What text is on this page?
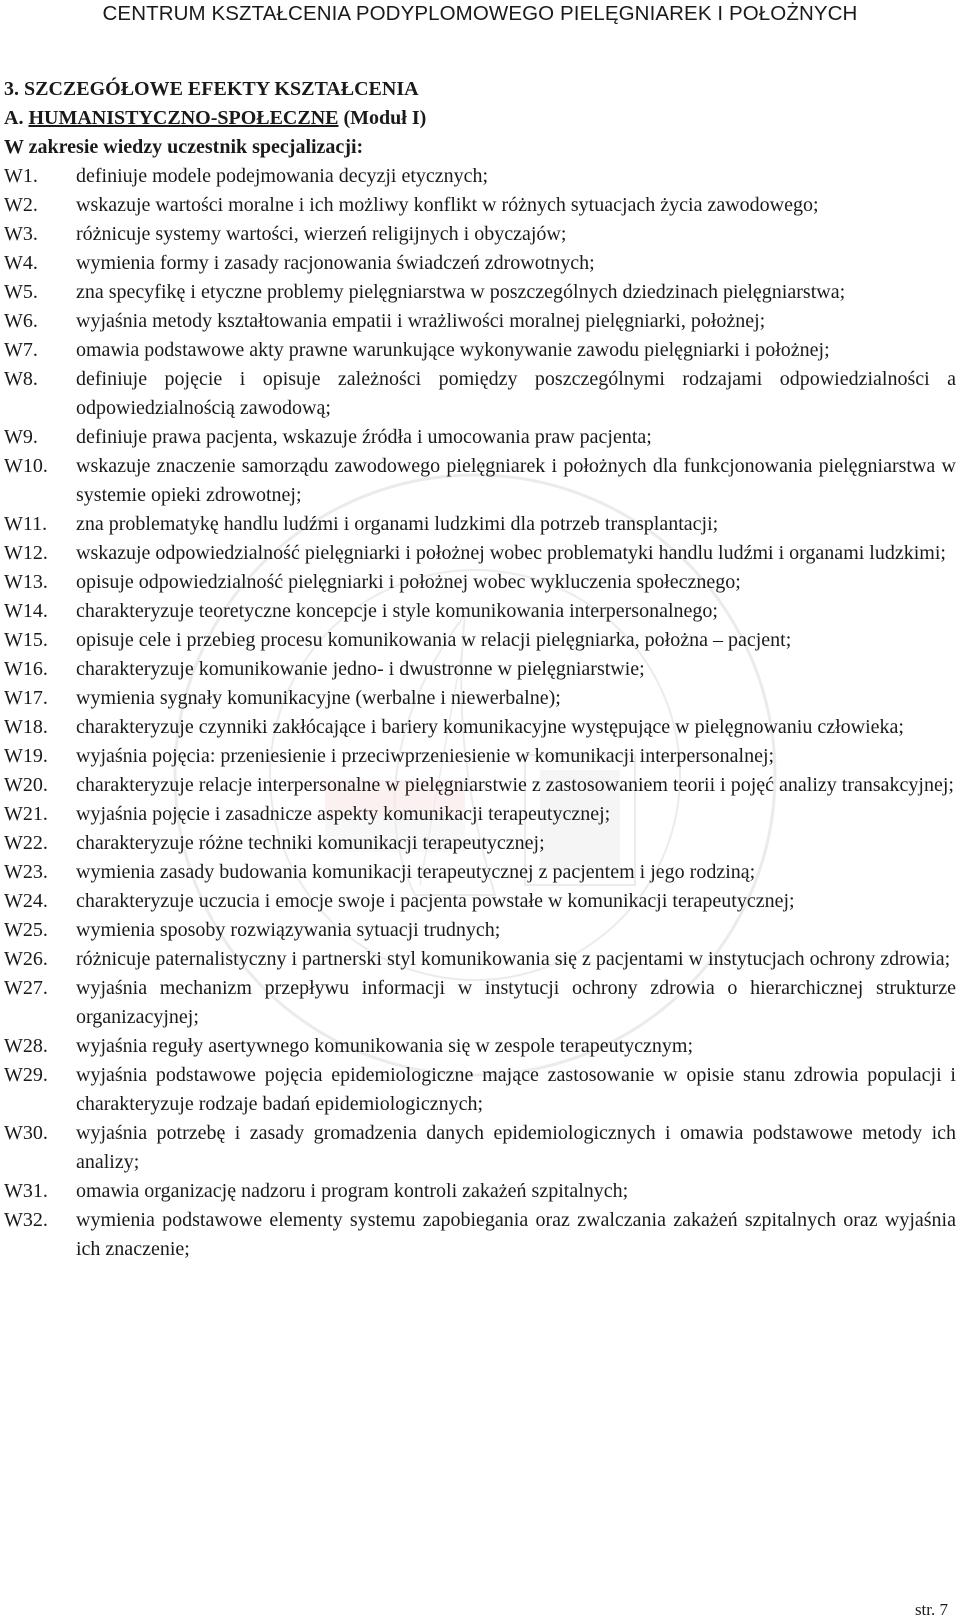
CENTRUM KSZTAŁCENIA PODYPLOMOWEGO PIELĘGNIAREK I POŁOŻNYCH
3. SZCZEGÓŁOWE EFEKTY KSZTAŁCENIA
A. HUMANISTYCZNO-SPOŁECZNE (Moduł I)
W zakresie wiedzy uczestnik specjalizacji:
W1.	definiuje modele podejmowania decyzji etycznych;
W2.	wskazuje wartości moralne i ich możliwy konflikt w różnych sytuacjach życia zawodowego;
W3.	różnicuje systemy wartości, wierzeń religijnych i obyczajów;
W4.	wymienia formy i zasady racjonowania świadczeń zdrowotnych;
W5.	zna specyfikę i etyczne problemy pielęgniarstwa w poszczególnych dziedzinach pielęgniarstwa;
W6.	wyjaśnia metody kształtowania empatii i wrażliwości moralnej pielęgniarki, położnej;
W7.	omawia podstawowe akty prawne warunkujące wykonywanie zawodu pielęgniarki i położnej;
W8.	definiuje pojęcie i opisuje zależności pomiędzy poszczególnymi rodzajami odpowiedzialności a odpowiedzialnością zawodową;
W9.	definiuje prawa pacjenta, wskazuje źródła i umocowania praw pacjenta;
W10.	wskazuje znaczenie samorządu zawodowego pielęgniarek i położnych dla funkcjonowania pielęgniarstwa w systemie opieki zdrowotnej;
W11.	zna problematykę handlu ludźmi i organami ludzkimi dla potrzeb transplantacji;
W12.	wskazuje odpowiedzialność pielęgniarki i położnej wobec problematyki handlu ludźmi i organami ludzkimi;
W13.	opisuje odpowiedzialność pielęgniarki i położnej wobec wykluczenia społecznego;
W14.	charakteryzuje teoretyczne koncepcje i style komunikowania interpersonalnego;
W15.	opisuje cele i przebieg procesu komunikowania w relacji pielęgniarka, położna – pacjent;
W16.	charakteryzuje komunikowanie jedno- i dwustronne w pielęgniarstwie;
W17.	wymienia sygnały komunikacyjne (werbalne i niewerbalne);
W18.	charakteryzuje czynniki zakłócające i bariery komunikacyjne występujące w pielęgnowaniu człowieka;
W19.	wyjaśnia pojęcia: przeniesienie i przeciwprzeniesienie w komunikacji interpersonalnej;
W20.	charakteryzuje relacje interpersonalne w pielęgniarstwie z zastosowaniem teorii i pojęć analizy transakcyjnej;
W21.	wyjaśnia pojęcie i zasadnicze aspekty komunikacji terapeutycznej;
W22.	charakteryzuje różne techniki komunikacji terapeutycznej;
W23.	wymienia zasady budowania komunikacji terapeutycznej z pacjentem i jego rodziną;
W24.	charakteryzuje uczucia i emocje swoje i pacjenta powstałe w komunikacji terapeutycznej;
W25.	wymienia sposoby rozwiązywania sytuacji trudnych;
W26.	różnicuje paternalistyczny i partnerski styl komunikowania się z pacjentami w instytucjach ochrony zdrowia;
W27.	wyjaśnia mechanizm przepływu informacji w instytucji ochrony zdrowia o hierarchicznej strukturze organizacyjnej;
W28.	wyjaśnia reguły asertywnego komunikowania się w zespole terapeutycznym;
W29.	wyjaśnia podstawowe pojęcia epidemiologiczne mające zastosowanie w opisie stanu zdrowia populacji i charakteryzuje rodzaje badań epidemiologicznych;
W30.	wyjaśnia potrzebę i zasady gromadzenia danych epidemiologicznych i omawia podstawowe metody ich analizy;
W31.	omawia organizację nadzoru i program kontroli zakażeń szpitalnych;
W32.	wymienia podstawowe elementy systemu zapobiegania oraz zwalczania zakażeń szpitalnych oraz wyjaśnia ich znaczenie;
str. 7
